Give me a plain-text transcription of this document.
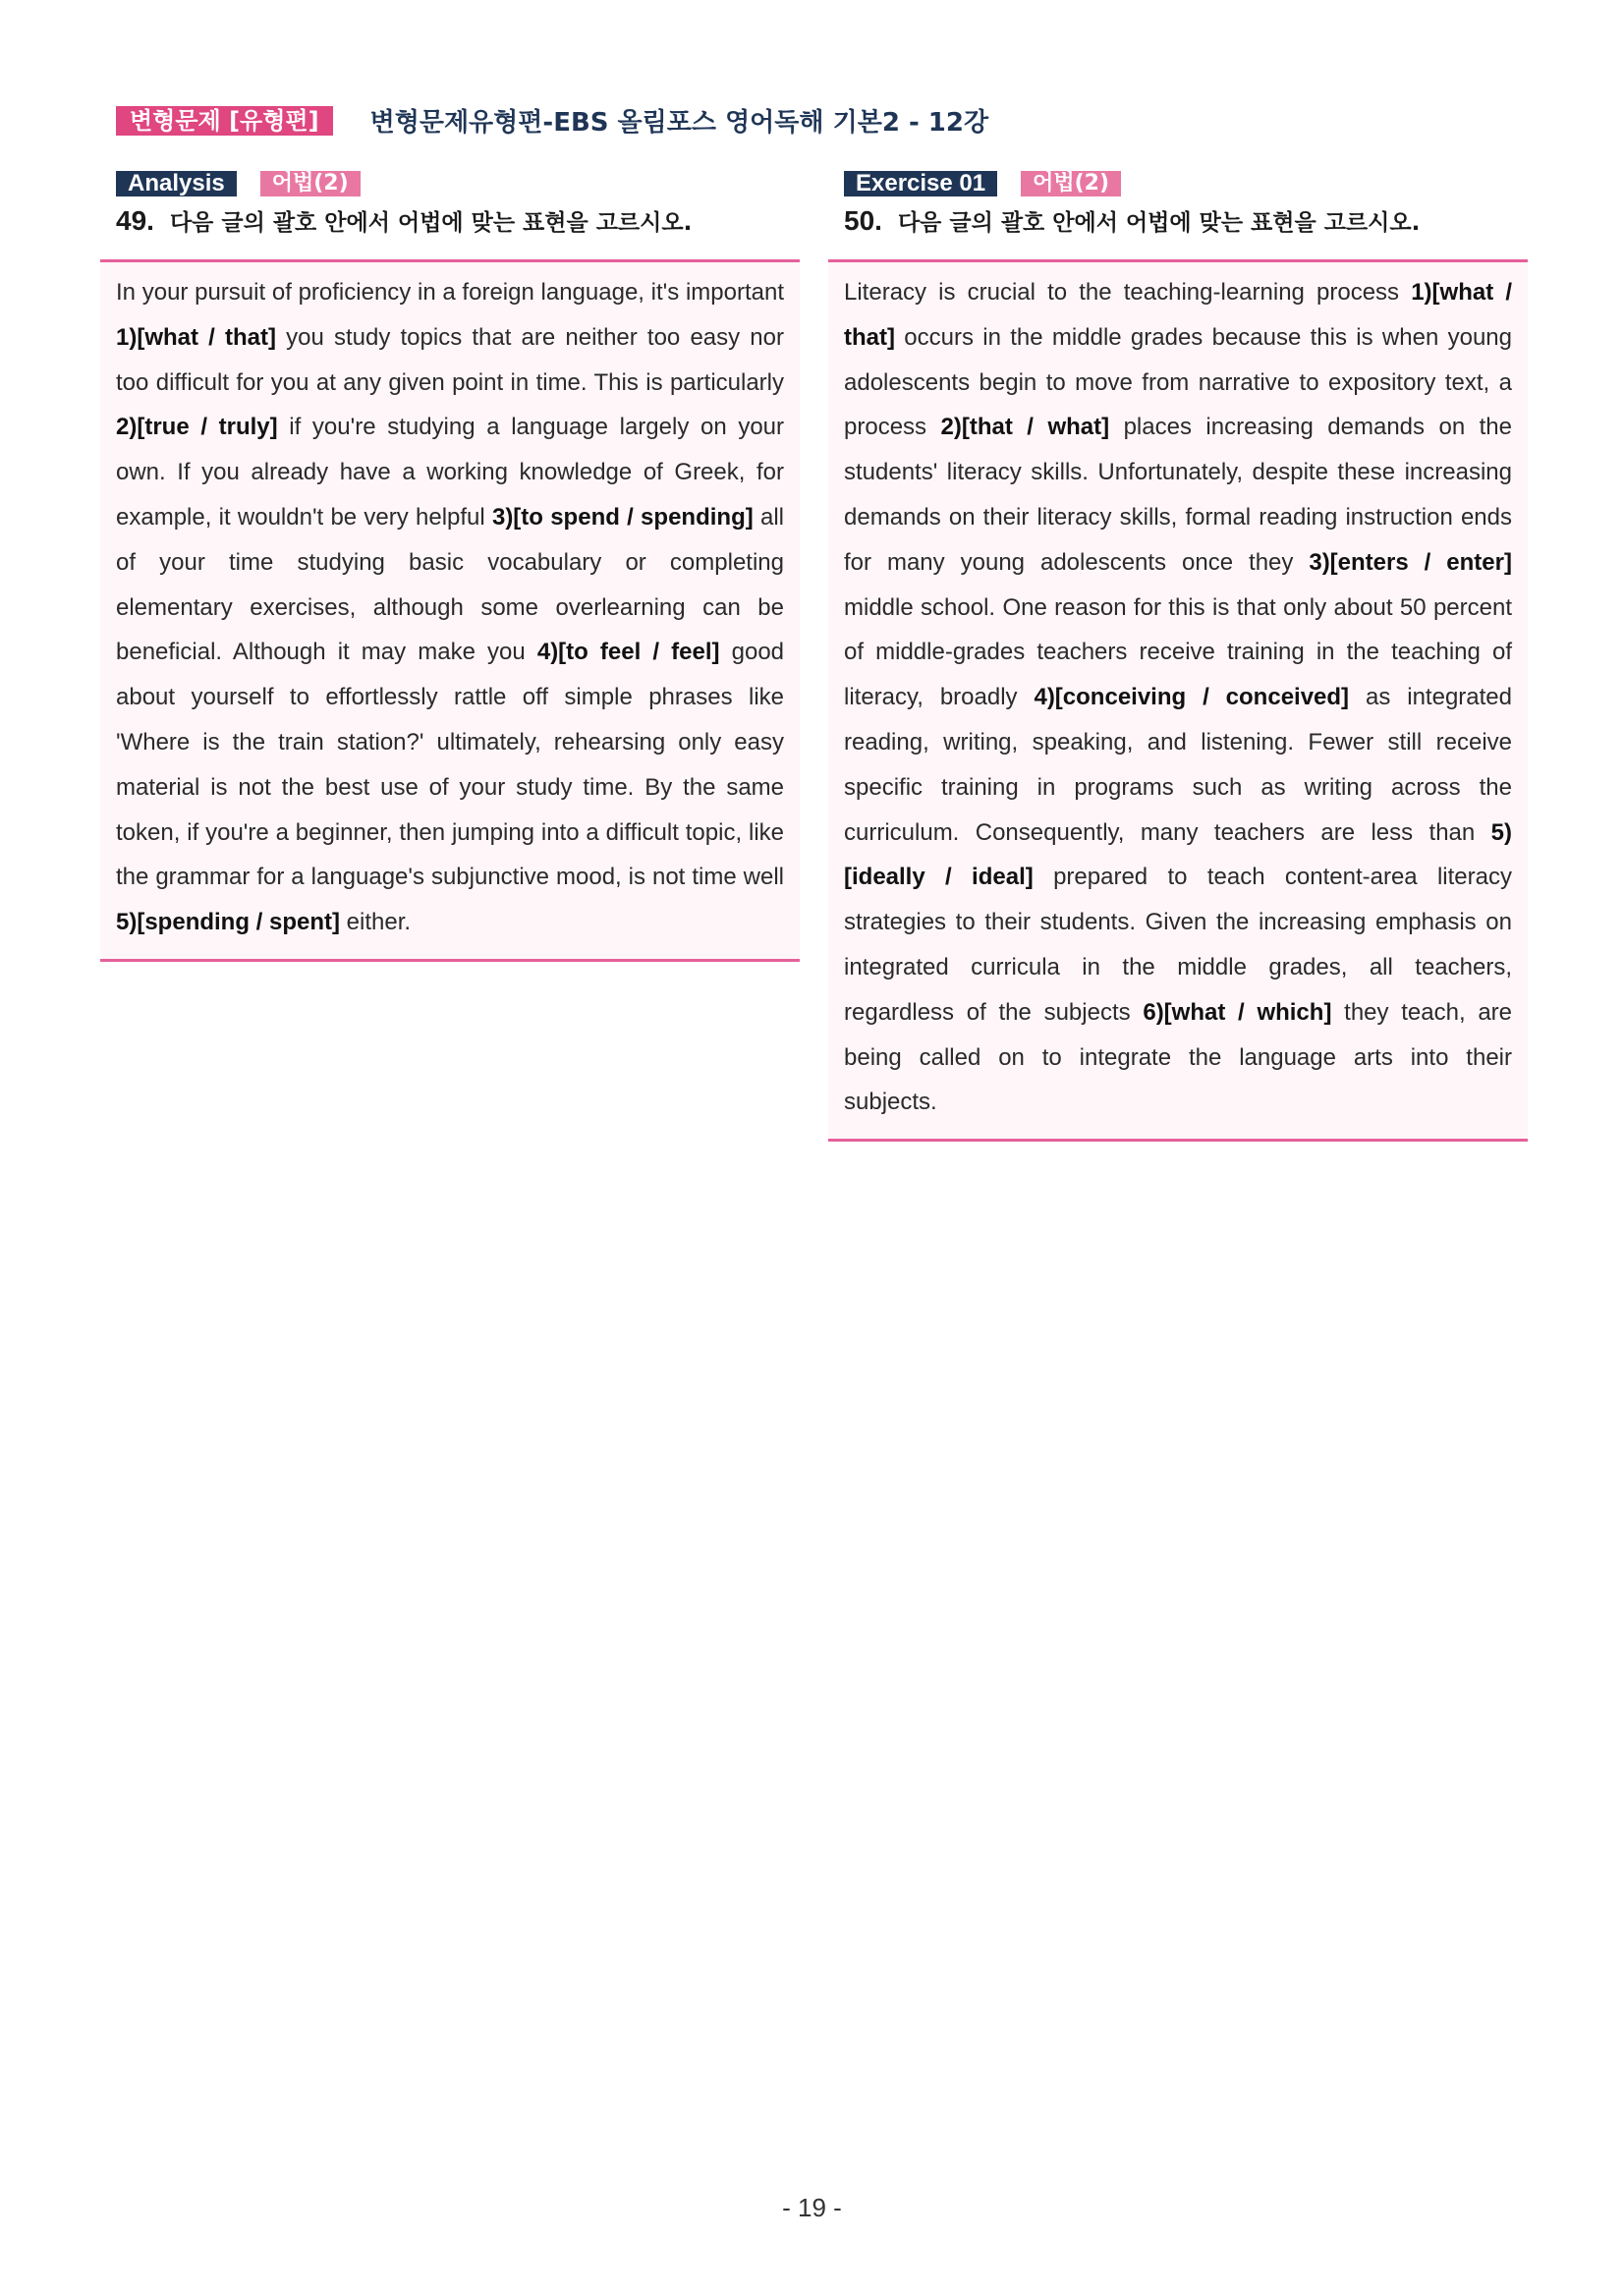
변형문제 [유형편]	변형문제유형편-EBS 올림포스 영어독해 기본2 - 12강
Analysis	어법(2)
49. 다음 글의 괄호 안에서 어법에 맞는 표현을 고르시오.
In your pursuit of proficiency in a foreign language, it's important 1)[what / that] you study topics that are neither too easy nor too difficult for you at any given point in time. This is particularly 2)[true / truly] if you're studying a language largely on your own. If you already have a working knowledge of Greek, for example, it wouldn't be very helpful 3)[to spend / spending] all of your time studying basic vocabulary or completing elementary exercises, although some overlearning can be beneficial. Although it may make you 4)[to feel / feel] good about yourself to effortlessly rattle off simple phrases like 'Where is the train station?' ultimately, rehearsing only easy material is not the best use of your study time. By the same token, if you're a beginner, then jumping into a difficult topic, like the grammar for a language's subjunctive mood, is not time well 5)[spending / spent] either.
Exercise 01	어법(2)
50. 다음 글의 괄호 안에서 어법에 맞는 표현을 고르시오.
Literacy is crucial to the teaching-learning process 1)[what / that] occurs in the middle grades because this is when young adolescents begin to move from narrative to expository text, a process 2)[that / what] places increasing demands on the students' literacy skills. Unfortunately, despite these increasing demands on their literacy skills, formal reading instruction ends for many young adolescents once they 3)[enters / enter] middle school. One reason for this is that only about 50 percent of middle-grades teachers receive training in the teaching of literacy, broadly 4)[conceiving / conceived] as integrated reading, writing, speaking, and listening. Fewer still receive specific training in programs such as writing across the curriculum. Consequently, many teachers are less than 5)[ideally / ideal] prepared to teach content-area literacy strategies to their students. Given the increasing emphasis on integrated curricula in the middle grades, all teachers, regardless of the subjects 6)[what / which] they teach, are being called on to integrate the language arts into their subjects.
- 19 -
